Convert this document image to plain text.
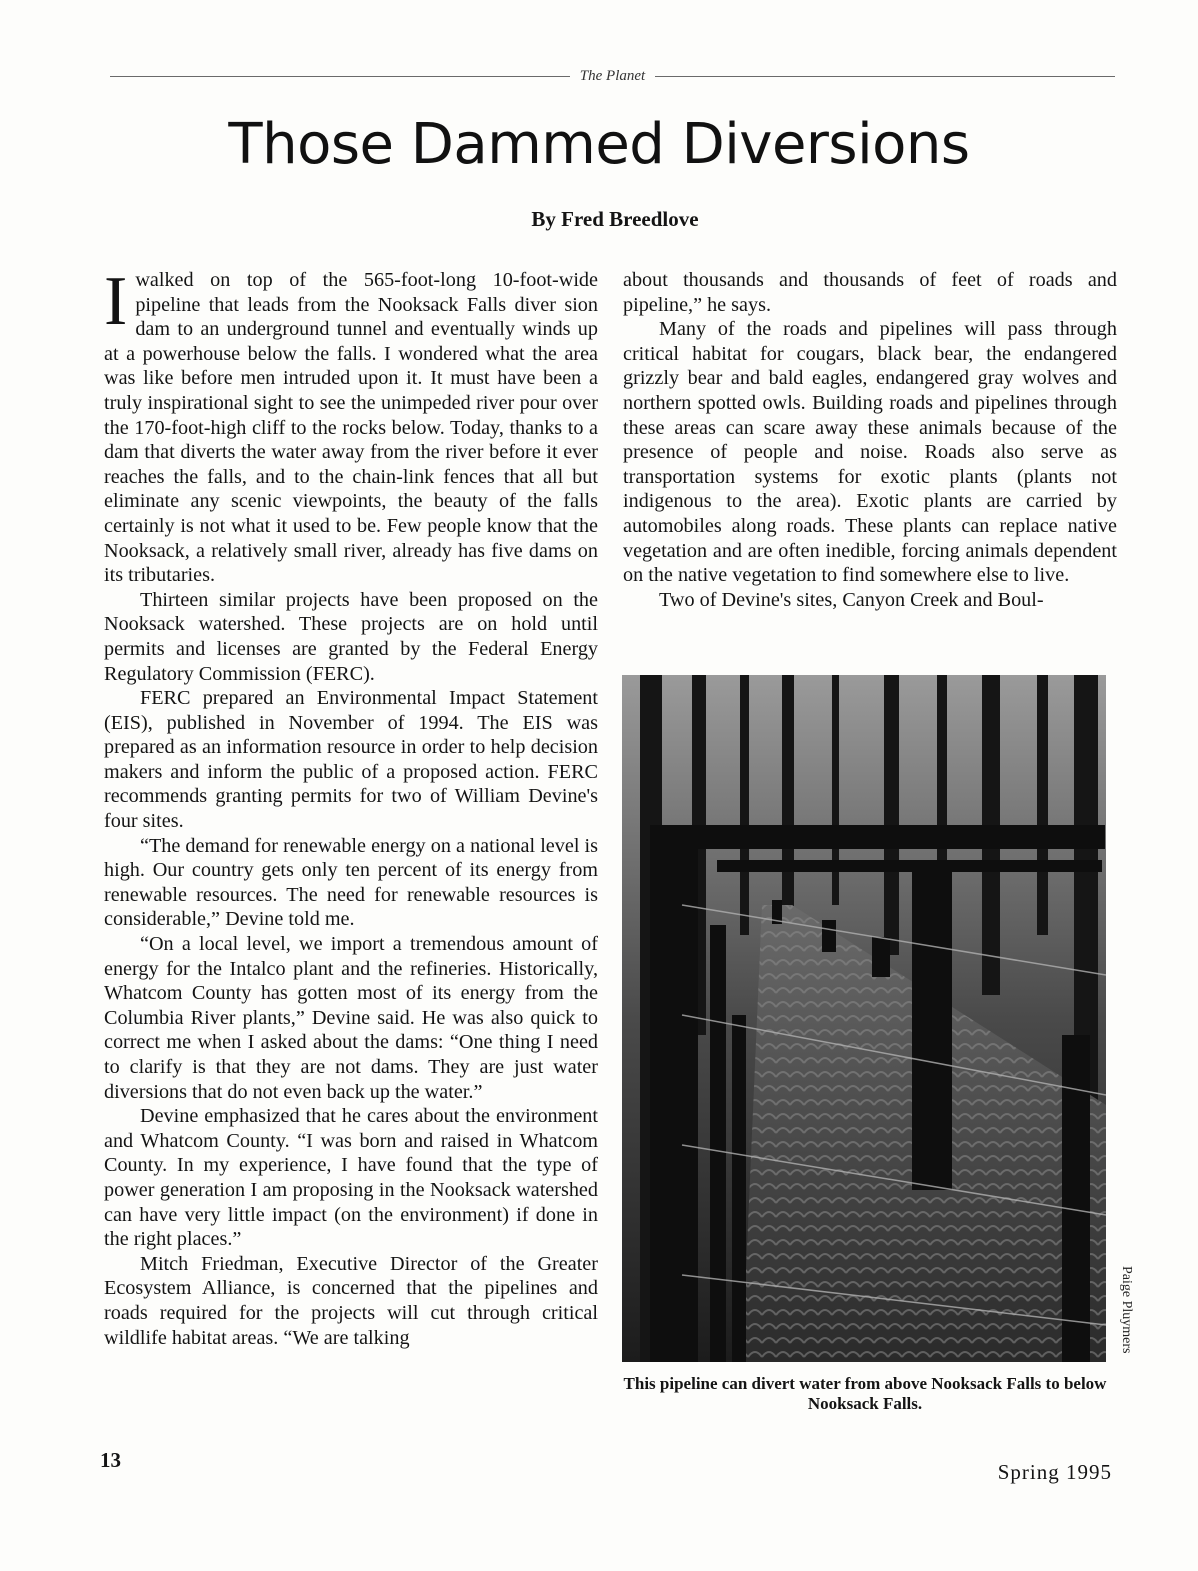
The Planet
Those Dammed Diversions
By Fred Breedlove

I walked on top of the 565-foot-long 10-foot-wide pipeline that leads from the Nooksack Falls diver sion dam to an underground tunnel and eventually winds up at a powerhouse below the falls. I wondered what the area was like before men intruded upon it. It must have been a truly inspirational sight to see the unimpeded river pour over the 170-foot-high cliff to the rocks below. Today, thanks to a dam that diverts the water away from the river before it ever reaches the falls, and to the chain-link fences that all but eliminate any scenic viewpoints, the beauty of the falls certainly is not what it used to be. Few people know that the Nooksack, a relatively small river, already has five dams on its tributaries.

Thirteen similar projects have been proposed on the Nooksack watershed. These projects are on hold until permits and licenses are granted by the Federal Energy Regulatory Commission (FERC).

FERC prepared an Environmental Impact Statement (EIS), published in November of 1994. The EIS was prepared as an information resource in order to help decision makers and inform the public of a proposed action. FERC recommends granting permits for two of William Devine's four sites.

“The demand for renewable energy on a national level is high. Our country gets only ten percent of its energy from renewable resources. The need for renewable resources is considerable,” Devine told me.

“On a local level, we import a tremendous amount of energy for the Intalco plant and the refineries. Historically, Whatcom County has gotten most of its energy from the Columbia River plants,” Devine said. He was also quick to correct me when I asked about the dams: “One thing I need to clarify is that they are not dams. They are just water diversions that do not even back up the water.”

Devine emphasized that he cares about the environment and Whatcom County. “I was born and raised in Whatcom County. In my experience, I have found that the type of power generation I am proposing in the Nooksack watershed can have very little impact (on the environment) if done in the right places.”

Mitch Friedman, Executive Director of the Greater Ecosystem Alliance, is concerned that the pipelines and roads required for the projects will cut through critical wildlife habitat areas. “We are talking

about thousands and thousands of feet of roads and pipeline,” he says.

Many of the roads and pipelines will pass through critical habitat for cougars, black bear, the endangered grizzly bear and bald eagles, endangered gray wolves and northern spotted owls. Building roads and pipelines through these areas can scare away these animals because of the presence of people and noise. Roads also serve as transportation systems for exotic plants (plants not indigenous to the area). Exotic plants are carried by automobiles along roads. These plants can replace native vegetation and are often inedible, forcing animals dependent on the native vegetation to find somewhere else to live.

Two of Devine's sites, Canyon Creek and Boul-

Paige Pluymers
This pipeline can divert water from above Nooksack Falls to below Nooksack Falls.
13	Spring 1995
